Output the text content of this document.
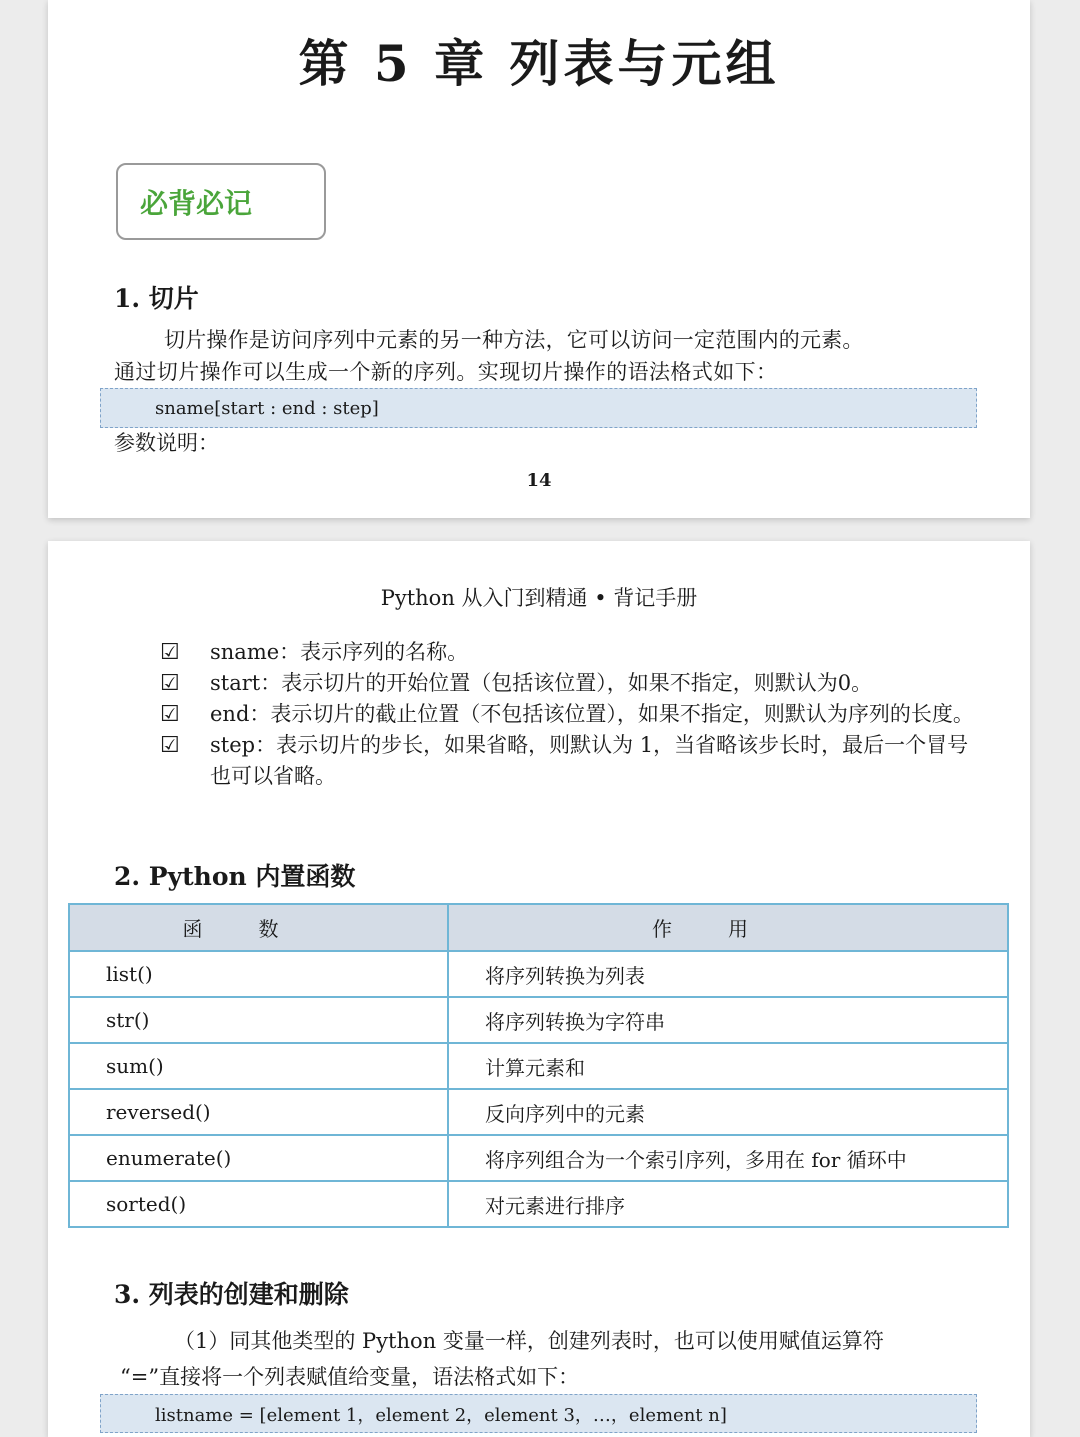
第 5 章 列表与元组
必背必记
1. 切片
切片操作是访问序列中元素的另一种方法，它可以访问一定范围内的元素。
通过切片操作可以生成一个新的序列。实现切片操作的语法格式如下：
sname[start : end : step]
参数说明：
14
Python 从入门到精通 • 背记手册
☑	sname：表示序列的名称。
☑	start：表示切片的开始位置（包括该位置），如果不指定，则默认为0。
☑	end：表示切片的截止位置（不包括该位置），如果不指定，则默认为序列的长度。
☑	step：表示切片的步长，如果省略，则默认为 1，当省略该步长时，最后一个冒号也可以省略。
2. Python 内置函数
函数	作用
list()	将序列转换为列表
str()	将序列转换为字符串
sum()	计算元素和
reversed()	反向序列中的元素
enumerate()	将序列组合为一个索引序列，多用在 for 循环中
sorted()	对元素进行排序
3. 列表的创建和删除
（1）同其他类型的 Python 变量一样，创建列表时，也可以使用赋值运算符
“=”直接将一个列表赋值给变量，语法格式如下：
listname = [element 1，element 2，element 3，…，element n]
